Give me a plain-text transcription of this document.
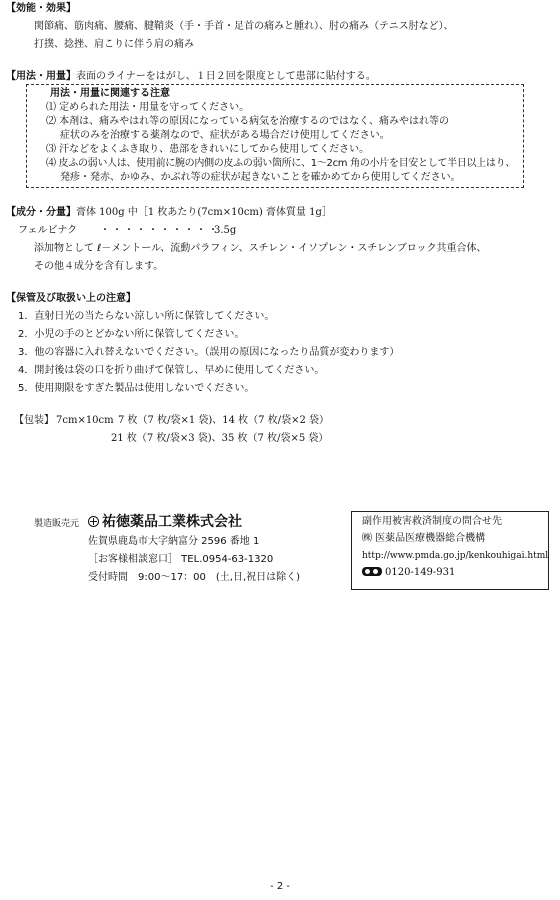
【効能・効果】
関節痛、筋肉痛、腰痛、腱鞘炎（手・手首・足首の痛みと腫れ）、肘の痛み（テニス肘など）、
打撲、捻挫、肩こりに伴う肩の痛み
【用法・用量】表面のライナーをはがし、１日２回を限度として患部に貼付する。
用法・用量に関連する注意
⑴ 定められた用法・用量を守ってください。
⑵ 本剤は、痛みやはれ等の原因になっている病気を治療するのではなく、痛みやはれ等の
症状のみを治療する薬剤なので、症状がある場合だけ使用してください。
⑶ 汗などをよくふき取り、患部をきれいにしてから使用してください。
⑷ 皮ふの弱い人は、使用前に腕の内側の皮ふの弱い箇所に、1～2cm 角の小片を目安として半日以上はり、
発疹・発赤、かゆみ、かぶれ等の症状が起きないことを確かめてから使用してください。
【成分・分量】膏体 100g 中［1 枚あたり(7cm×10cm) 膏体質量 1g］
フェルビナク ・・・・・・・・・・
3.5g
添加物として ℓ－メントール、流動パラフィン、スチレン・イソプレン・スチレンブロック共重合体、
その他４成分を含有します。
【保管及び取扱い上の注意】
1．直射日光の当たらない涼しい所に保管してください。
2．小児の手のとどかない所に保管してください。
3．他の容器に入れ替えないでください。（誤用の原因になったり品質が変わります）
4．開封後は袋の口を折り曲げて保管し、早めに使用してください。
5．使用期限をすぎた製品は使用しないでください。
【包装】 7cm×10cm 7 枚（7 枚/袋×1 袋)、14 枚（7 枚/袋×2 袋）
21 枚（7 枚/袋×3 袋)、35 枚（7 枚/袋×5 袋）
製造販売元	祐徳薬品工業株式会社
佐賀県鹿島市大字納富分 2596 番地 1
［お客様相談窓口］ TEL.0954-63-1320
受付時間　9:00～17：00　(土,日,祝日は除く)
副作用被害救済制度の問合せ先
㈱ 医薬品医療機器総合機構
http://www.pmda.go.jp/kenkouhigai.html
0120-149-931
- 2 -
